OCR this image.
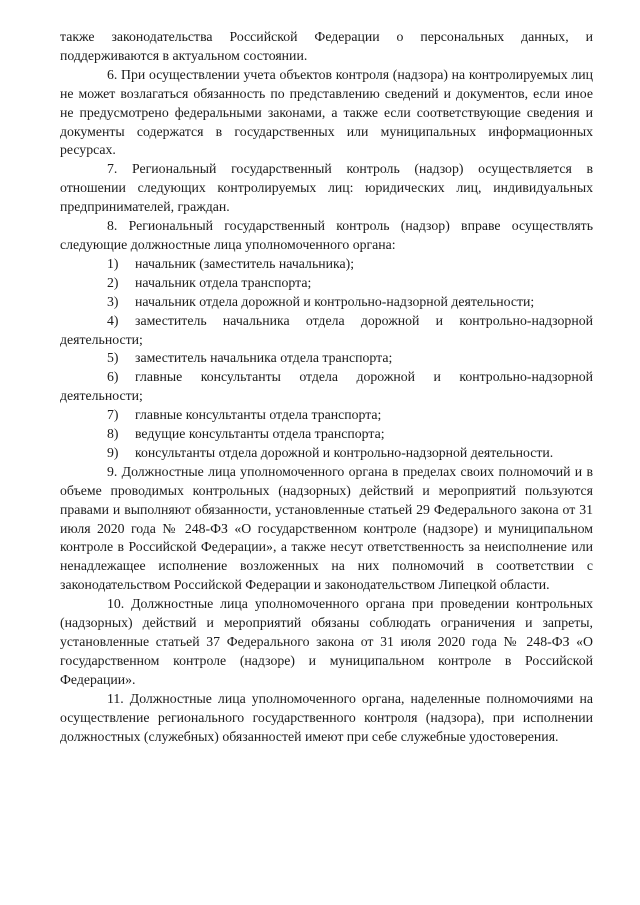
также законодательства Российской Федерации о персональных данных, и поддерживаются в актуальном состоянии.

6. При осуществлении учета объектов контроля (надзора) на контролируемых лиц не может возлагаться обязанность по представлению сведений и документов, если иное не предусмотрено федеральными законами, а также если соответствующие сведения и документы содержатся в государственных или муниципальных информационных ресурсах.

7. Региональный государственный контроль (надзор) осуществляется в отношении следующих контролируемых лиц: юридических лиц, индивидуальных предпринимателей, граждан.

8. Региональный государственный контроль (надзор) вправе осуществлять следующие должностные лица уполномоченного органа:

1) начальник (заместитель начальника);

2) начальник отдела транспорта;

3) начальник отдела дорожной и контрольно-надзорной деятельности;

4) заместитель начальника отдела дорожной и контрольно-надзорной деятельности;

5) заместитель начальника отдела транспорта;

6) главные консультанты отдела дорожной и контрольно-надзорной деятельности;

7) главные консультанты отдела транспорта;

8) ведущие консультанты отдела транспорта;

9) консультанты отдела дорожной и контрольно-надзорной деятельности.

9. Должностные лица уполномоченного органа в пределах своих полномочий и в объеме проводимых контрольных (надзорных) действий и мероприятий пользуются правами и выполняют обязанности, установленные статьей 29 Федерального закона от 31 июля 2020 года № 248-ФЗ «О государственном контроле (надзоре) и муниципальном контроле в Российской Федерации», а также несут ответственность за неисполнение или ненадлежащее исполнение возложенных на них полномочий в соответствии с законодательством Российской Федерации и законодательством Липецкой области.

10. Должностные лица уполномоченного органа при проведении контрольных (надзорных) действий и мероприятий обязаны соблюдать ограничения и запреты, установленные статьей 37 Федерального закона от 31 июля 2020 года № 248-ФЗ «О государственном контроле (надзоре) и муниципальном контроле в Российской Федерации».

11. Должностные лица уполномоченного органа, наделенные полномочиями на осуществление регионального государственного контроля (надзора), при исполнении должностных (служебных) обязанностей имеют при себе служебные удостоверения.
